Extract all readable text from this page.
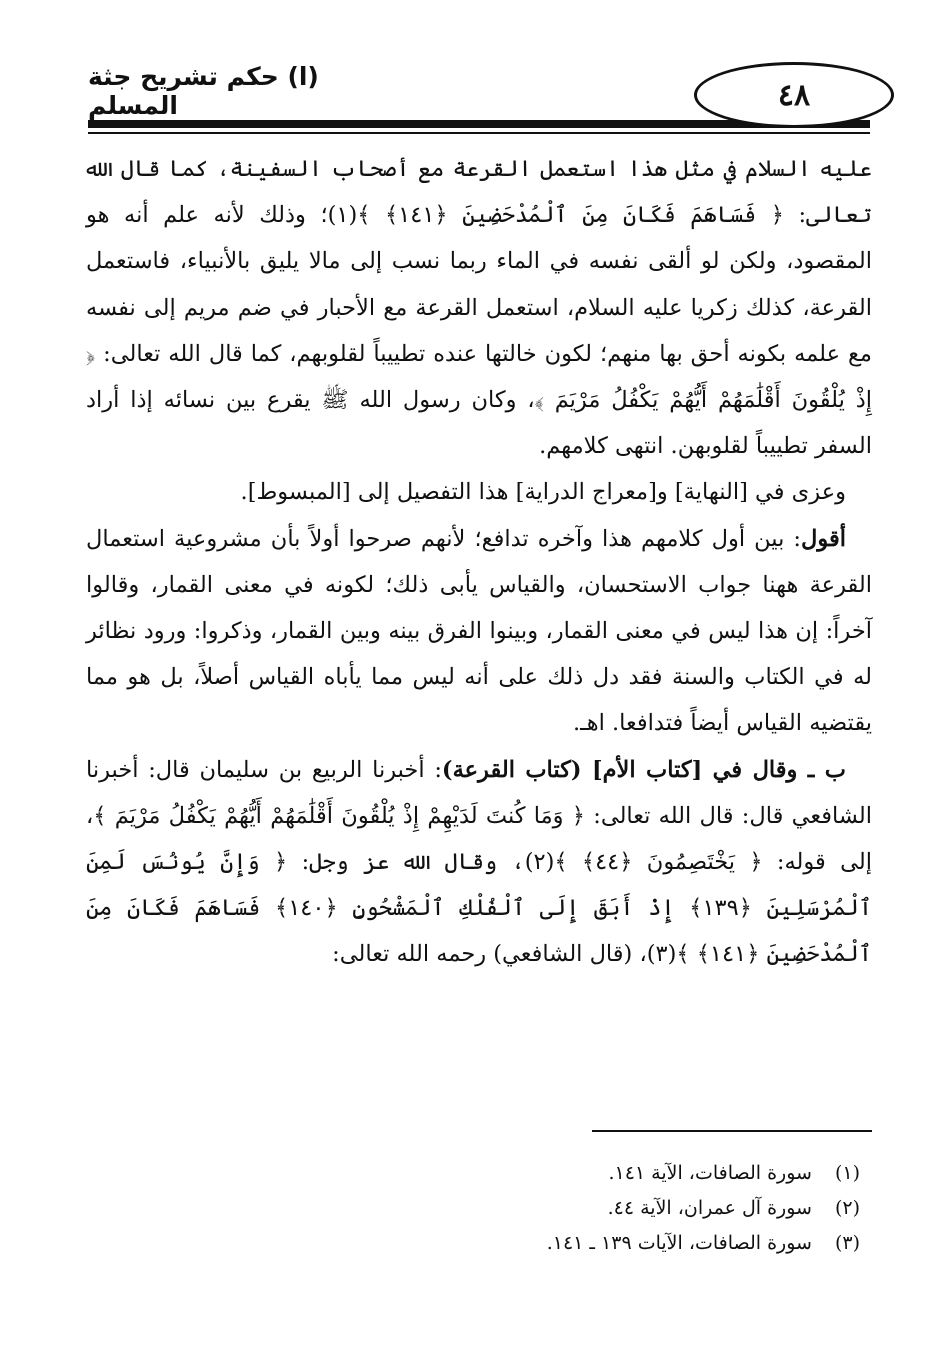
٤٨
(ا) حكم تشريح جثة المسلم

عليه السلام في مثل هذا استعمل القرعة مع أصحاب السفينة، كما قال الله تعالى: ﴿ فَسَاهَمَ فَكَانَ مِنَ ٱلْمُدْحَضِينَ ﴿١٤١﴾ ﴾(١)؛ وذلك لأنه علم أنه هو المقصود، ولكن لو ألقى نفسه في الماء ربما نسب إلى مالا يليق بالأنبياء، فاستعمل القرعة، كذلك زكريا عليه السلام، استعمل القرعة مع الأحبار في ضم مريم إلى نفسه مع علمه بكونه أحق بها منهم؛ لكون خالتها عنده تطييباً لقلوبهم، كما قال الله تعالى: ﴿ إِذْ يُلْقُونَ أَقْلَٰمَهُمْ أَيُّهُمْ يَكْفُلُ مَرْيَمَ ﴾، وكان رسول الله ﷺ يقرع بين نسائه إذا أراد السفر تطييباً لقلوبهن. انتهى كلامهم.

وعزى في [النهاية] و[معراج الدراية] هذا التفصيل إلى [المبسوط].

أقول: بين أول كلامهم هذا وآخره تدافع؛ لأنهم صرحوا أولاً بأن مشروعية استعمال القرعة ههنا جواب الاستحسان، والقياس يأبى ذلك؛ لكونه في معنى القمار، وقالوا آخراً: إن هذا ليس في معنى القمار، وبينوا الفرق بينه وبين القمار، وذكروا: ورود نظائر له في الكتاب والسنة فقد دل ذلك على أنه ليس مما يأباه القياس أصلاً، بل هو مما يقتضيه القياس أيضاً فتدافعا. اهـ.

ب ـ وقال في [كتاب الأم] (كتاب القرعة): أخبرنا الربيع بن سليمان قال: أخبرنا الشافعي قال: قال الله تعالى: ﴿ وَمَا كُنتَ لَدَيْهِمْ إِذْ يُلْقُونَ أَقْلَٰمَهُمْ أَيُّهُمْ يَكْفُلُ مَرْيَمَ ﴾، إلى قوله: ﴿ يَخْتَصِمُونَ ﴿٤٤﴾ ﴾(٢)، وقال الله عز وجل: ﴿ وَإِنَّ يُونُسَ لَمِنَ ٱلْمُرْسَلِينَ ﴿١٣٩﴾ إِذْ أَبَقَ إِلَى ٱلْفُلْكِ ٱلْمَشْحُونِ ﴿١٤٠﴾ فَسَاهَمَ فَكَانَ مِنَ ٱلْمُدْحَضِينَ ﴿١٤١﴾ ﴾(٣)، (قال الشافعي) رحمه الله تعالى:

(١) سورة الصافات، الآية ١٤١.
(٢) سورة آل عمران، الآية ٤٤.
(٣) سورة الصافات، الآيات ١٣٩ ـ ١٤١.
